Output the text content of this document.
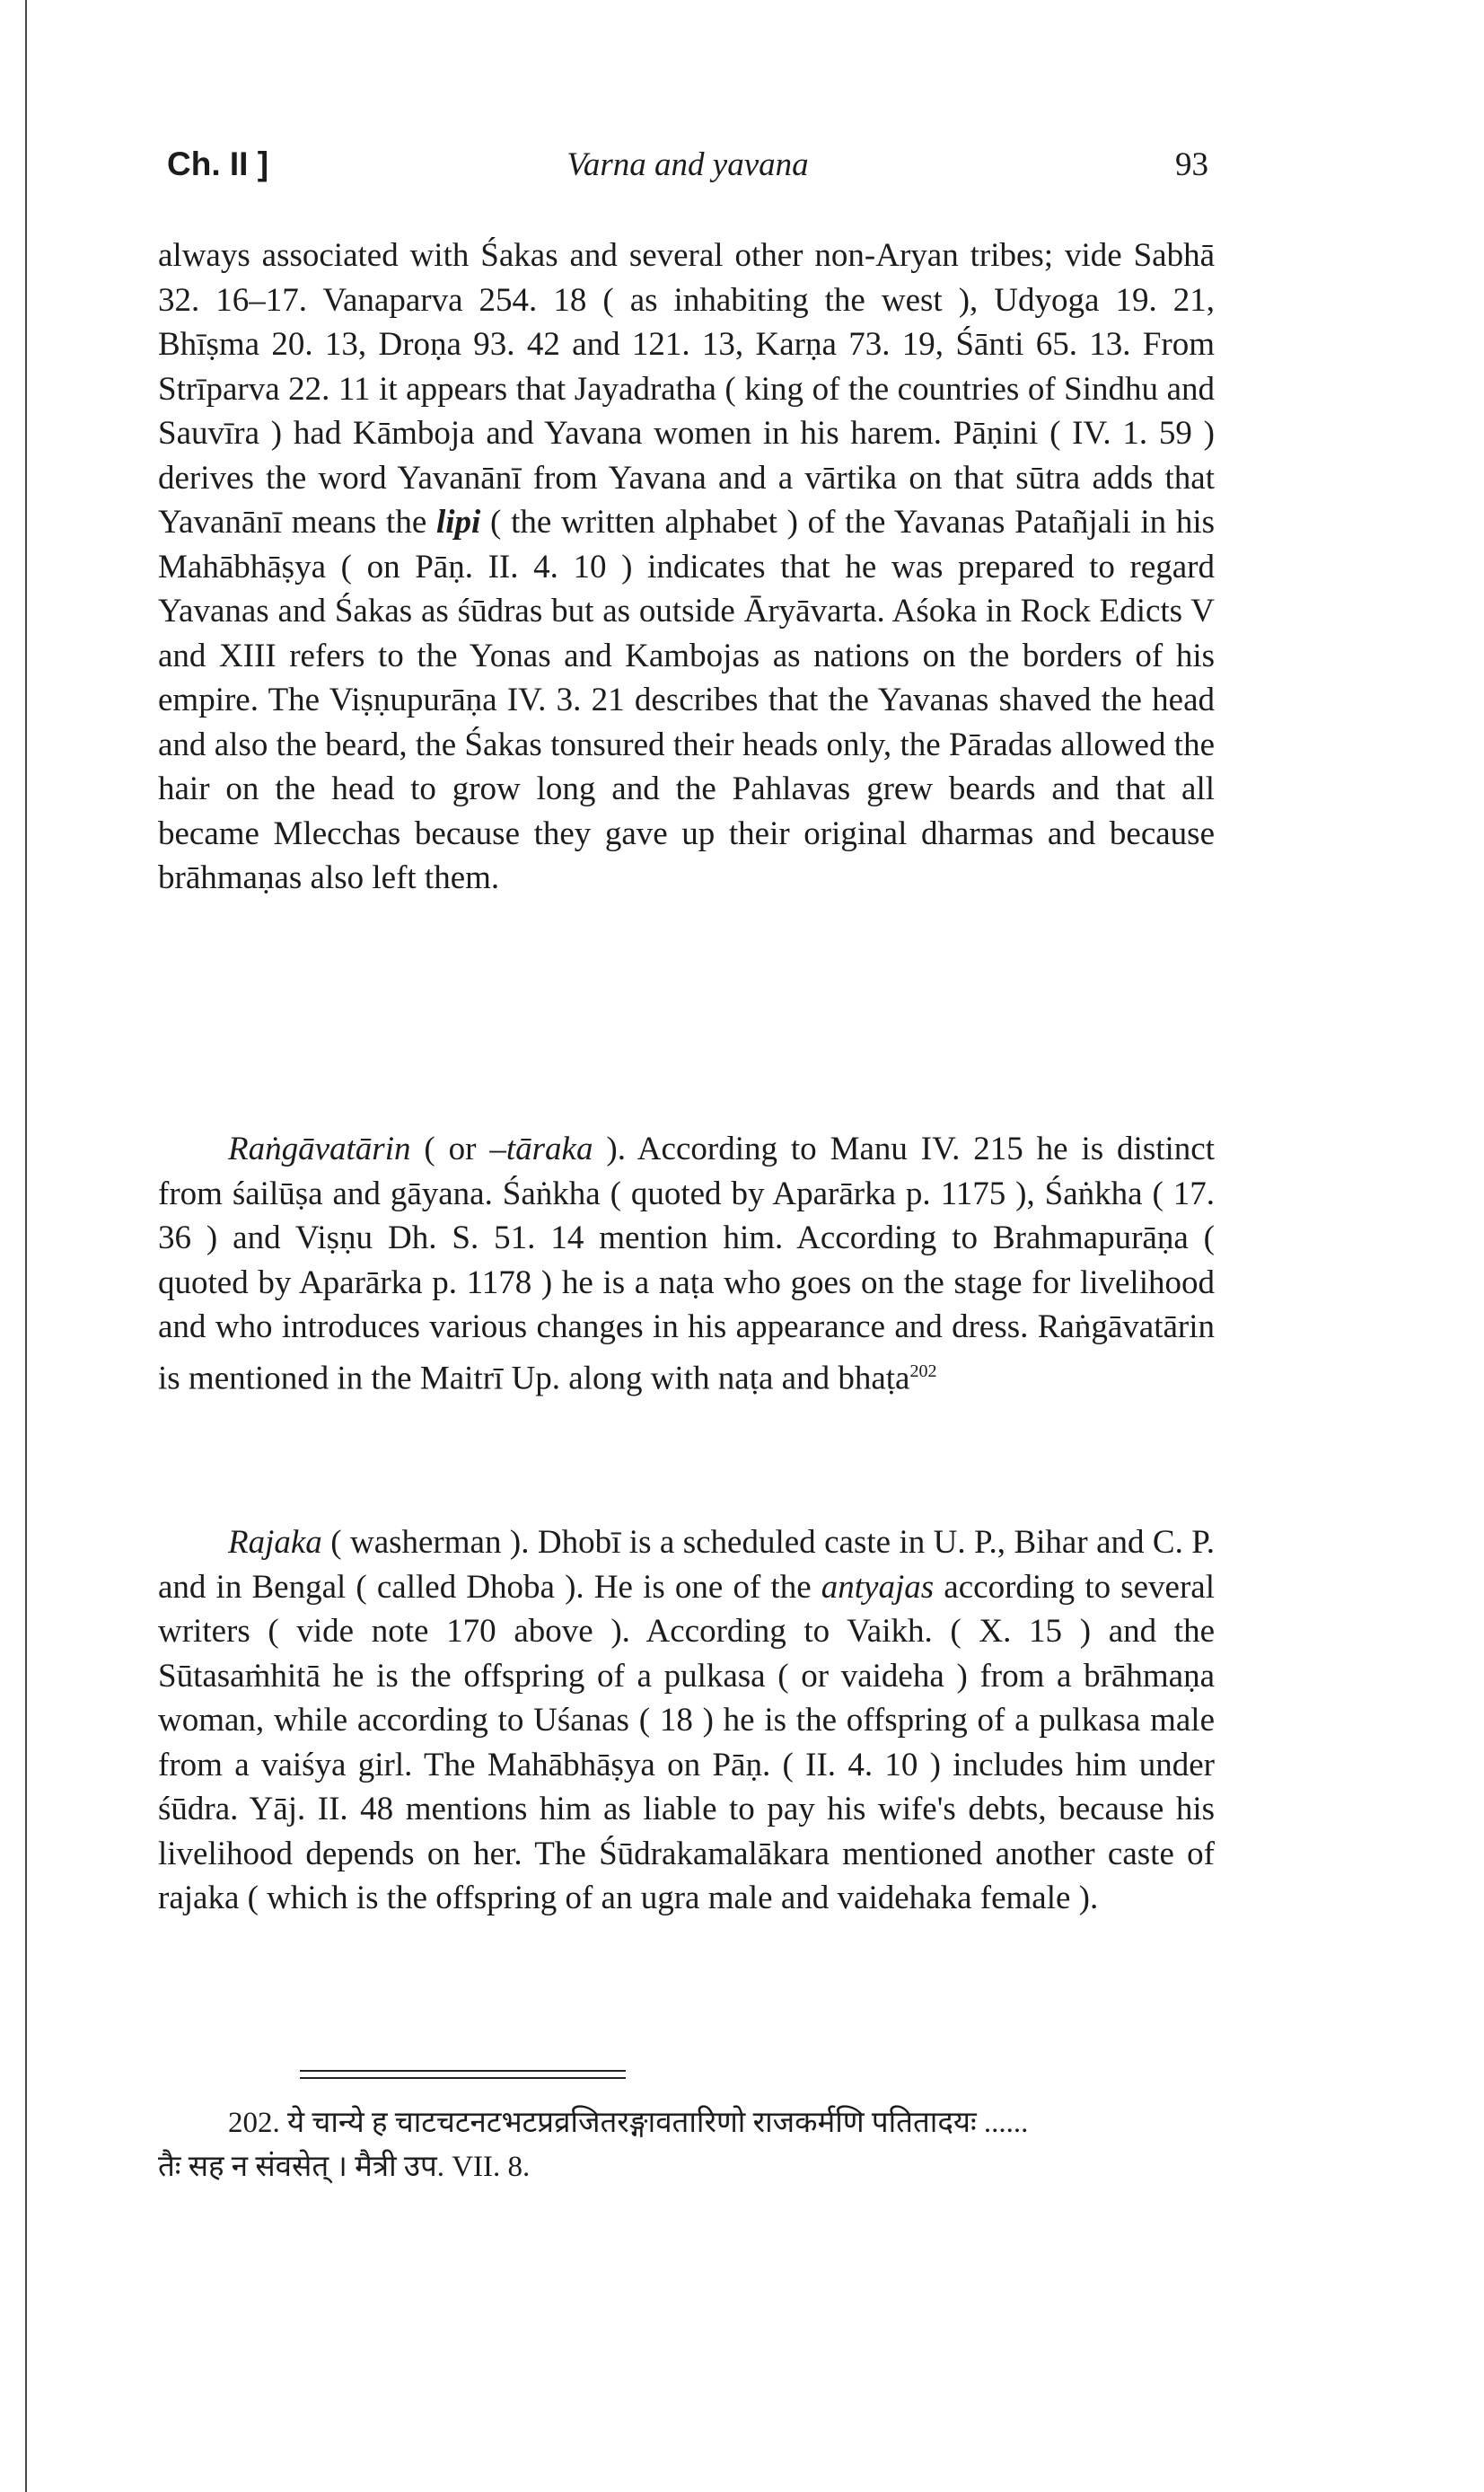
Ch. II ]	Varna and yavana	93

always associated with Śakas and several other non-Aryan tribes; vide Sabhā 32. 16–17. Vanaparva 254. 18 ( as inhabiting the west ), Udyoga 19. 21, Bhīṣma 20. 13, Droṇa 93. 42 and 121. 13, Karṇa 73. 19, Śānti 65. 13. From Strīparva 22. 11 it appears that Jayadratha ( king of the countries of Sindhu and Sauvīra ) had Kāmboja and Yavana women in his harem. Pāṇini ( IV. 1. 59 ) derives the word Yavanānī from Yavana and a vārtika on that sūtra adds that Yavanānī means the lipi ( the written alphabet ) of the Yavanas Patañjali in his Mahābhāṣya ( on Pāṇ. II. 4. 10 ) indicates that he was prepared to regard Yavanas and Śakas as śūdras but as outside Āryāvarta. Aśoka in Rock Edicts V and XIII refers to the Yonas and Kambojas as nations on the borders of his empire. The Viṣṇupurāṇa IV. 3. 21 describes that the Yavanas shaved the head and also the beard, the Śakas tonsured their heads only, the Pāradas allowed the hair on the head to grow long and the Pahlavas grew beards and that all became Mlecchas because they gave up their original dharmas and because brāhmaṇas also left them.

Raṅgāvatārin ( or –tāraka ). According to Manu IV. 215 he is distinct from śailūṣa and gāyana. Śaṅkha ( quoted by Aparārka p. 1175 ), Śaṅkha ( 17. 36 ) and Viṣṇu Dh. S. 51. 14 mention him. According to Brahmapurāṇa ( quoted by Aparārka p. 1178 ) he is a naṭa who goes on the stage for livelihood and who introduces various changes in his appearance and dress. Raṅgāvatārin is mentioned in the Maitrī Up. along with naṭa and bhaṭa$^{202}$

Rajaka ( washerman ). Dhobī is a scheduled caste in U. P., Bihar and C. P. and in Bengal ( called Dhoba ). He is one of the antyajas according to several writers ( vide note 170 above ). According to Vaikh. ( X. 15 ) and the Sūtasaṁhitā he is the offspring of a pulkasa ( or vaideha ) from a brāhmaṇa woman, while according to Uśanas ( 18 ) he is the offspring of a pulkasa male from a vaiśya girl. The Mahābhāṣya on Pāṇ. ( II. 4. 10 ) includes him under śūdra. Yāj. II. 48 mentions him as liable to pay his wife's debts, because his livelihood depends on her. The Śūdrakamalākara mentioned another caste of rajaka ( which is the offspring of an ugra male and vaidehaka female ).

202. ये चान्ये ह चाटचटनटभटप्रव्रजितरङ्गावतारिणो राजकर्मणि पतितादयः ......
तैः सह न संवसेत् । मैत्री उप. VII. 8.
